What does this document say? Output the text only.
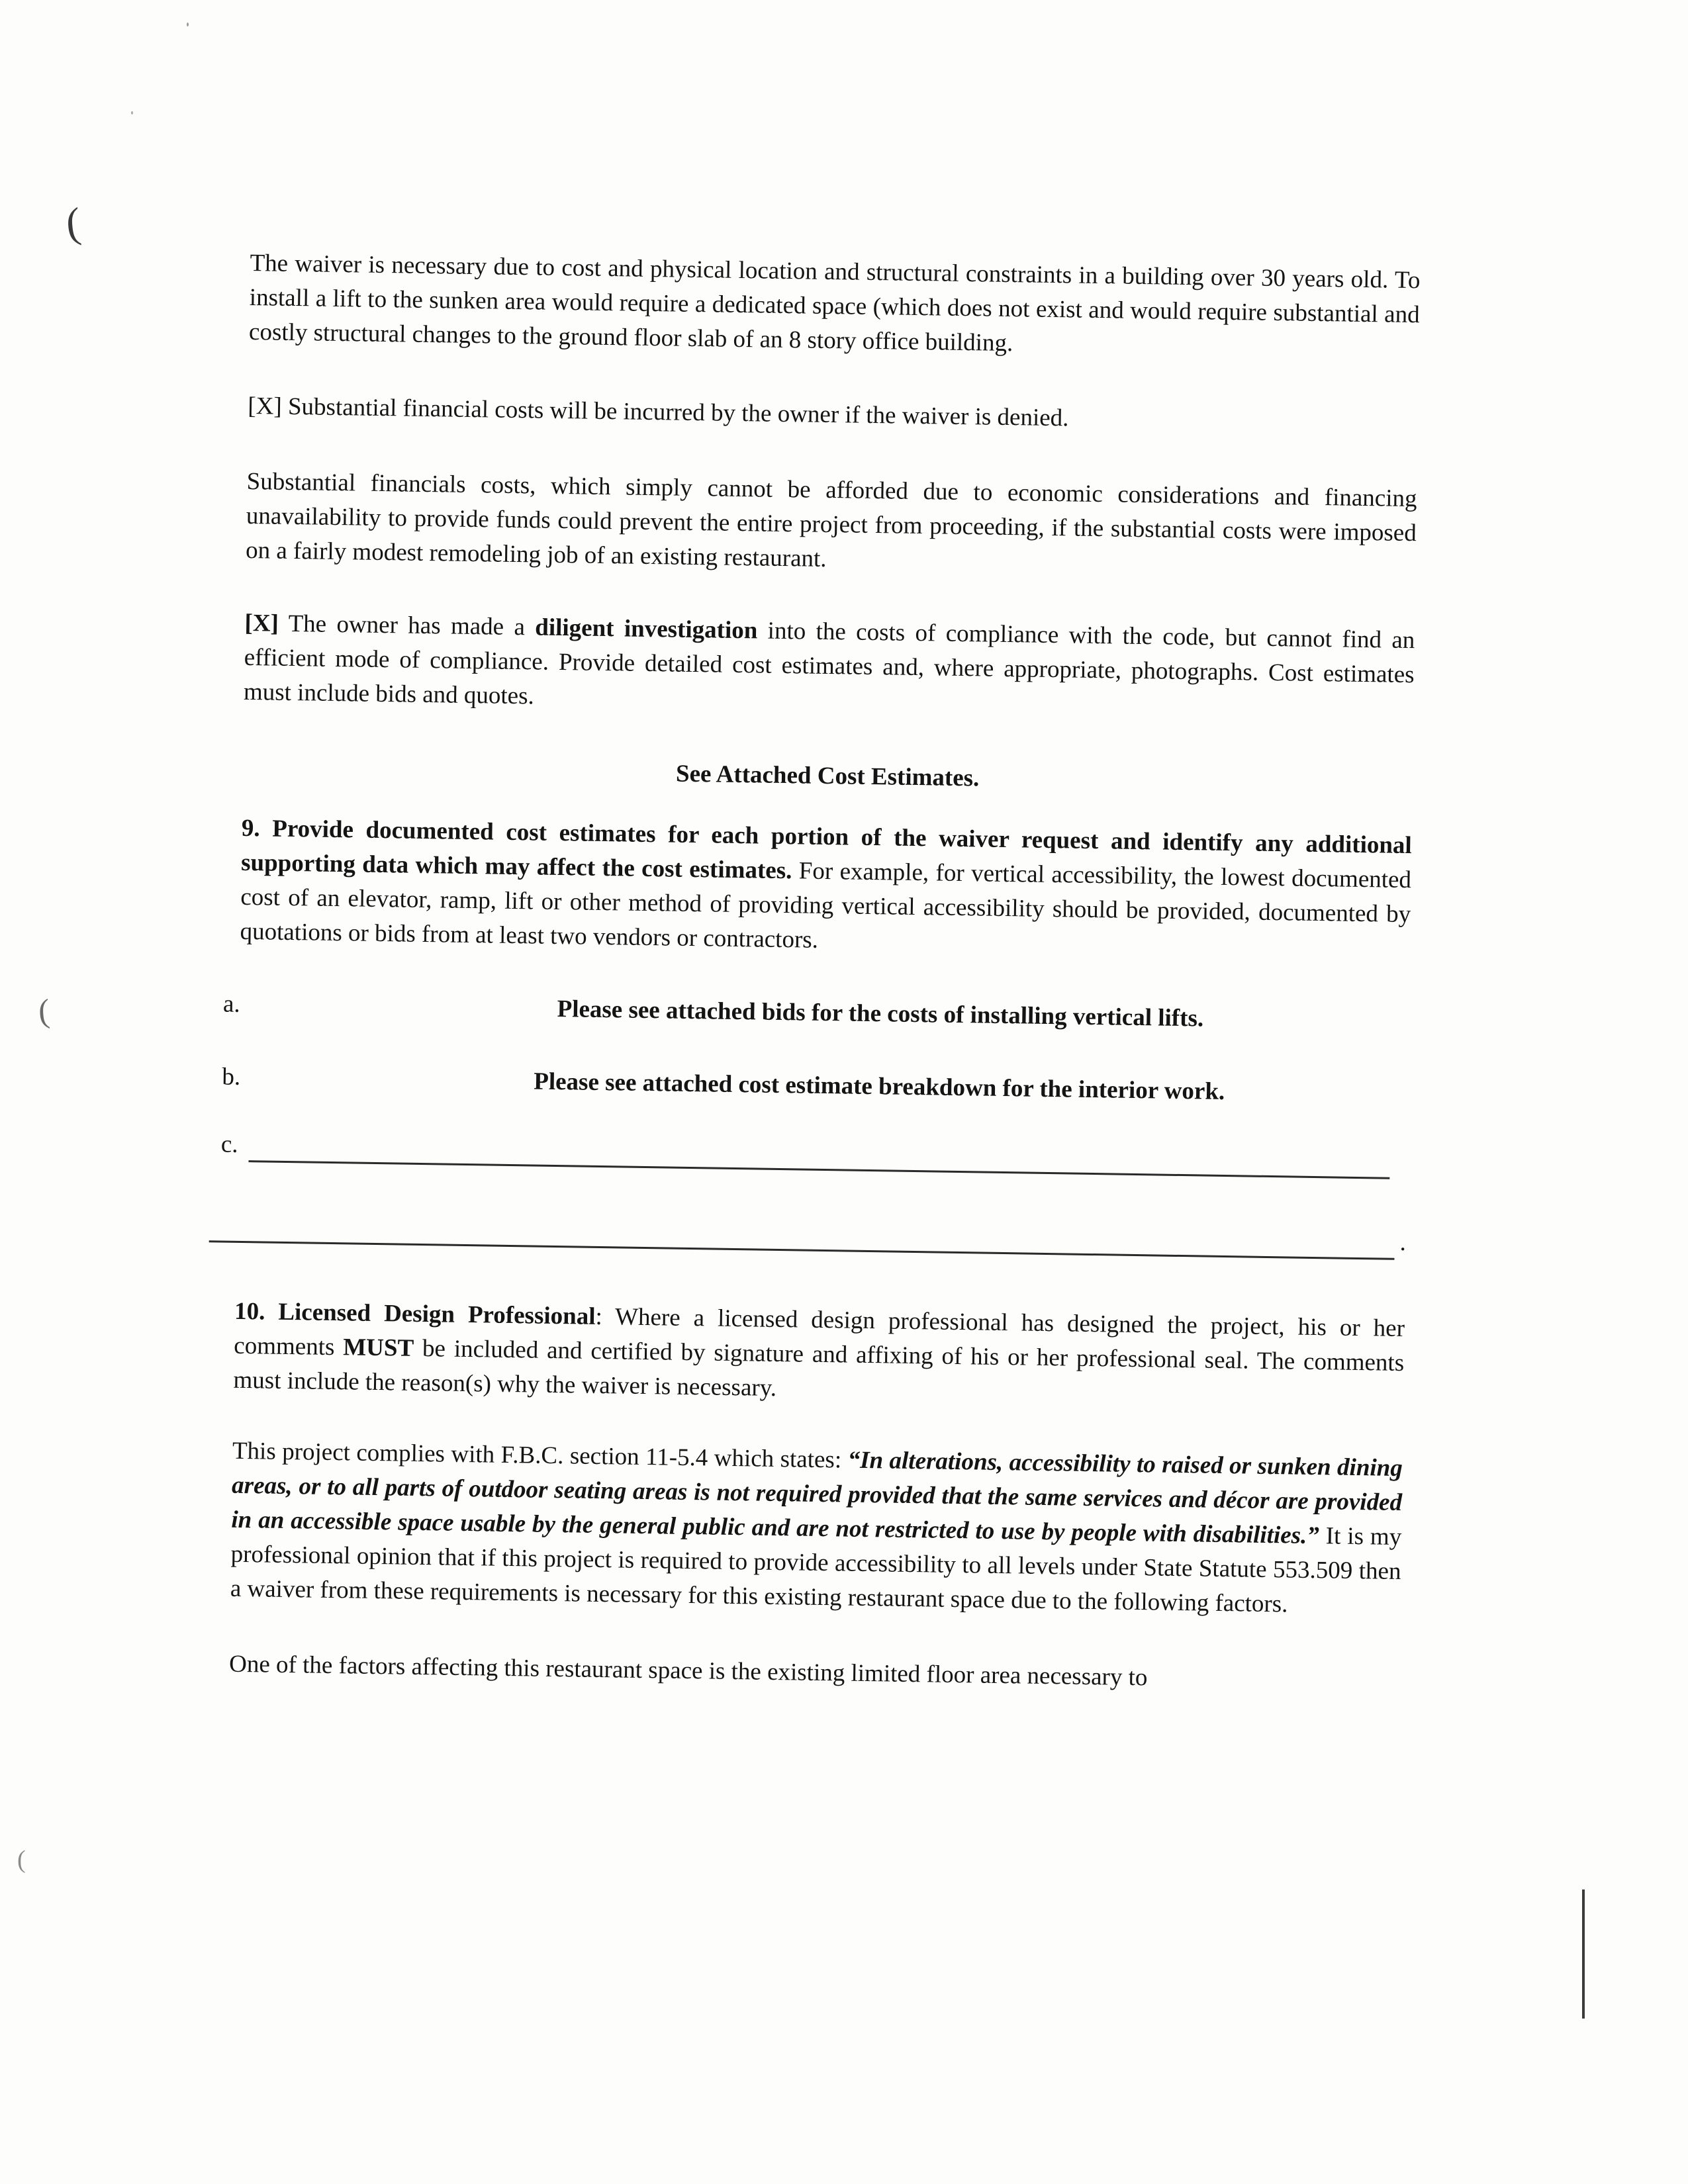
(
(
(

The waiver is necessary due to cost and physical location and structural constraints in a building over 30 years old. To install a lift to the sunken area would require a dedicated space (which does not exist and would require substantial and costly structural changes to the ground floor slab of an 8 story office building.

[X] Substantial financial costs will be incurred by the owner if the waiver is denied.

Substantial financials costs, which simply cannot be afforded due to economic considerations and financing unavailability to provide funds could prevent the entire project from proceeding, if the substantial costs were imposed on a fairly modest remodeling job of an existing restaurant.

[X] The owner has made a diligent investigation into the costs of compliance with the code, but cannot find an efficient mode of compliance. Provide detailed cost estimates and, where appropriate, photographs. Cost estimates must include bids and quotes.

See Attached Cost Estimates.

9. Provide documented cost estimates for each portion of the waiver request and identify any additional supporting data which may affect the cost estimates. For example, for vertical accessibility, the lowest documented cost of an elevator, ramp, lift or other method of providing vertical accessibility should be provided, documented by quotations or bids from at least two vendors or contractors.

a.	Please see attached bids for the costs of installing vertical lifts.
b.	Please see attached cost estimate breakdown for the interior work.
c.
.

10. Licensed Design Professional: Where a licensed design professional has designed the project, his or her comments MUST be included and certified by signature and affixing of his or her professional seal. The comments must include the reason(s) why the waiver is necessary.

This project complies with F.B.C. section 11-5.4 which states: “In alterations, accessibility to raised or sunken dining areas, or to all parts of outdoor seating areas is not required provided that the same services and décor are provided in an accessible space usable by the general public and are not restricted to use by people with disabilities.” It is my professional opinion that if this project is required to provide accessibility to all levels under State Statute 553.509 then a waiver from these requirements is necessary for this existing restaurant space due to the following factors.

One of the factors affecting this restaurant space is the existing limited floor area necessary to
